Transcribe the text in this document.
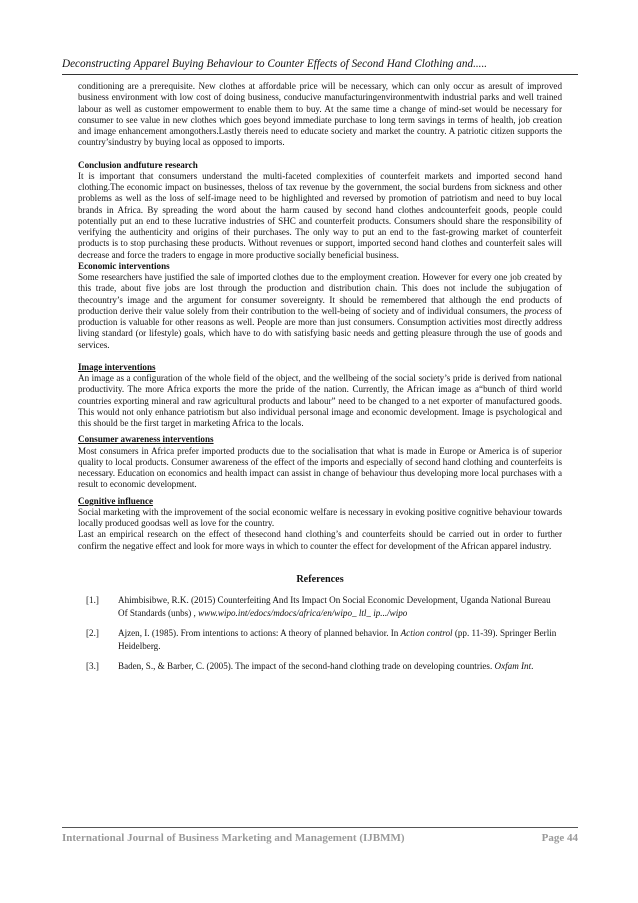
Deconstructing Apparel Buying Behaviour to Counter Effects of Second Hand Clothing and.....

conditioning are a prerequisite. New clothes at affordable price will be necessary, which can only occur as aresult of improved business environment with low cost of doing business, conducive manufacturingenvironmentwith industrial parks and well trained labour as well as customer empowerment to enable them to buy. At the same time a change of mind-set would be necessary for consumer to see value in new clothes which goes beyond immediate purchase to long term savings in terms of health, job creation and image enhancement amongothers.Lastly thereis need to educate society and market the country. A patriotic citizen supports the country’sindustry by buying local as opposed to imports.

Conclusion andfuture research

It is important that consumers understand the multi-faceted complexities of counterfeit markets and imported second hand clothing.The economic impact on businesses, theloss of tax revenue by the government, the social burdens from sickness and other problems as well as the loss of self-image need to be highlighted and reversed by promotion of patriotism and need to buy local brands in Africa. By spreading the word about the harm caused by second hand clothes andcounterfeit goods, people could potentially put an end to these lucrative industries of SHC and counterfeit products. Consumers should share the responsibility of verifying the authenticity and origins of their purchases. The only way to put an end to the fast-growing market of counterfeit products is to stop purchasing these products. Without revenues or support, imported second hand clothes and counterfeit sales will decrease and force the traders to engage in more productive socially beneficial business.

Economic interventions

Some researchers have justified the sale of imported clothes due to the employment creation. However for every one job created by this trade, about five jobs are lost through the production and distribution chain. This does not include the subjugation of thecountry’s image and the argument for consumer sovereignty. It should be remembered that although the end products of production derive their value solely from their contribution to the well-being of society and of individual consumers, the process of production is valuable for other reasons as well. People are more than just consumers. Consumption activities most directly address living standard (or lifestyle) goals, which have to do with satisfying basic needs and getting pleasure through the use of goods and services.

Image interventions

An image as a configuration of the whole field of the object, and the wellbeing of the social society’s pride is derived from national productivity. The more Africa exports the more the pride of the nation. Currently, the African image as a“bunch of third world countries exporting mineral and raw agricultural products and labour” need to be changed to a net exporter of manufactured goods. This would not only enhance patriotism but also individual personal image and economic development. Image is psychological and this should be the first target in marketing Africa to the locals.

Consumer awareness interventions

Most consumers in Africa prefer imported products due to the socialisation that what is made in Europe or America is of superior quality to local products. Consumer awareness of the effect of the imports and especially of second hand clothing and counterfeits is necessary. Education on economics and health impact can assist in change of behaviour thus developing more local purchases with a result to economic development.

Cognitive influence

Social marketing with the improvement of the social economic welfare is necessary in evoking positive cognitive behaviour towards locally produced goodsas well as love for the country.

Last an empirical research on the effect of thesecond hand clothing’s and counterfeits should be carried out in order to further confirm the negative effect and look for more ways in which to counter the effect for development of the African apparel industry.

References
[1.]	Ahimbisibwe, R.K. (2015) Counterfeiting And Its Impact On Social Economic Development, Uganda National Bureau Of Standards (unbs) , www.wipo.int/edocs/mdocs/africa/en/wipo_ ltl_ ip.../wipo
[2.]	Ajzen, I. (1985). From intentions to actions: A theory of planned behavior. In Action control (pp. 11-39). Springer Berlin Heidelberg.
[3.]	Baden, S., & Barber, C. (2005). The impact of the second-hand clothing trade on developing countries. Oxfam Int.
International Journal of Business Marketing and Management (IJBMM)	Page 44
